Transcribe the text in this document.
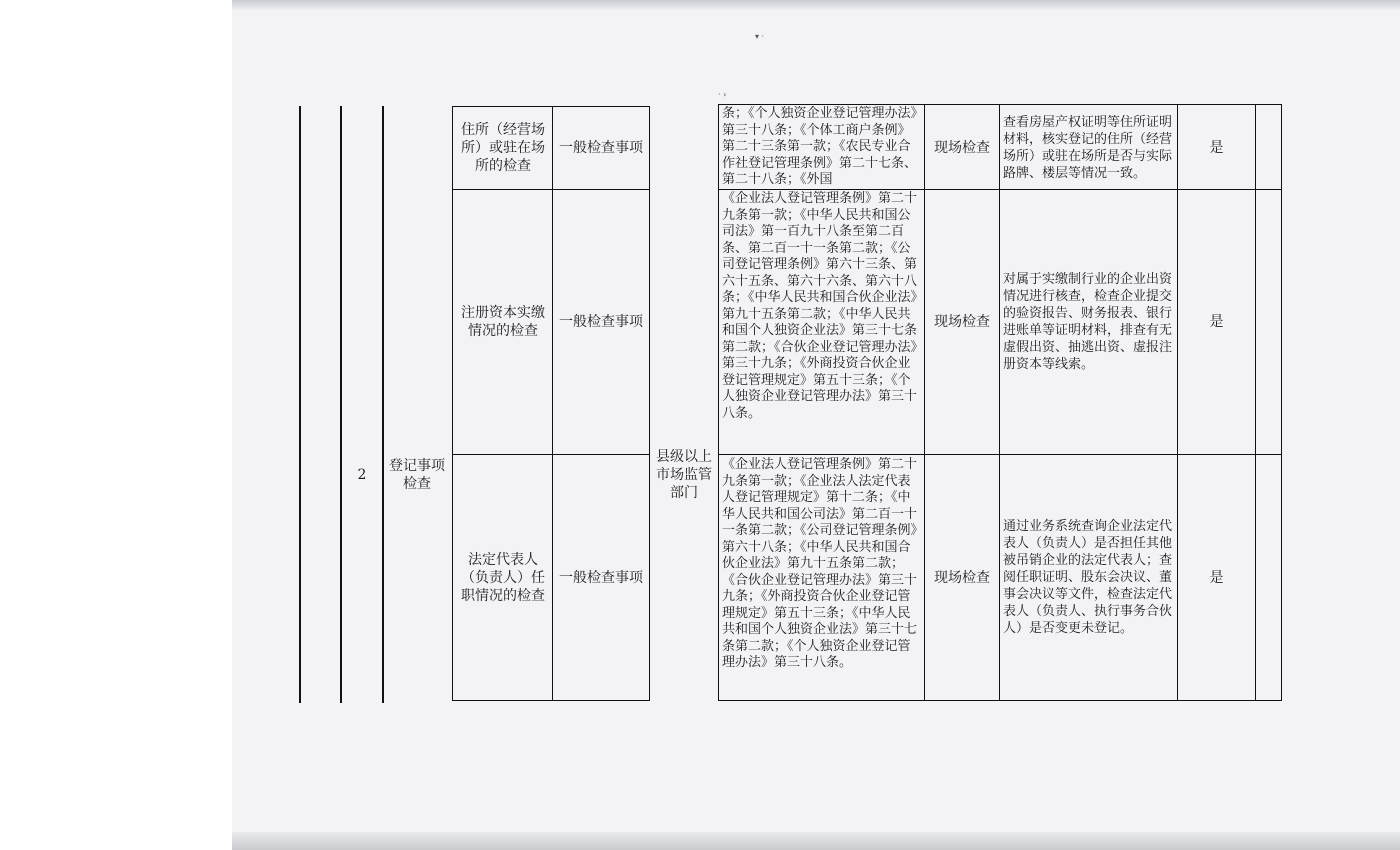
▾ ·
· ›
2
登记事项检查
县级以上市场监管部门
住所（经营场所）或驻在场所的检查
一般检查事项
条；《个人独资企业登记管理办法》第三十八条；《个体工商户条例》第二十三条第一款；《农民专业合作社登记管理条例》第二十七条、第二十八条；《外国
现场检查
查看房屋产权证明等住所证明材料，核实登记的住所（经营场所）或驻在场所是否与实际路牌、楼层等情况一致。
是
注册资本实缴情况的检查
一般检查事项
《企业法人登记管理条例》第二十九条第一款；《中华人民共和国公司法》第一百九十八条至第二百条、第二百一十一条第二款；《公司登记管理条例》第六十三条、第六十五条、第六十六条、第六十八条；《中华人民共和国合伙企业法》第九十五条第二款；《中华人民共和国个人独资企业法》第三十七条第二款；《合伙企业登记管理办法》第三十九条；《外商投资合伙企业登记管理规定》第五十三条；《个人独资企业登记管理办法》第三十八条。
现场检查
对属于实缴制行业的企业出资情况进行核查，检查企业提交的验资报告、财务报表、银行进账单等证明材料，排查有无虚假出资、抽逃出资、虚报注册资本等线索。
是
法定代表人（负责人）任职情况的检查
一般检查事项
《企业法人登记管理条例》第二十九条第一款；《企业法人法定代表人登记管理规定》第十二条；《中华人民共和国公司法》第二百一十一条第二款；《公司登记管理条例》第六十八条；《中华人民共和国合伙企业法》第九十五条第二款；《合伙企业登记管理办法》第三十九条；《外商投资合伙企业登记管理规定》第五十三条；《中华人民共和国个人独资企业法》第三十七条第二款；《个人独资企业登记管理办法》第三十八条。
现场检查
通过业务系统查询企业法定代表人（负责人）是否担任其他被吊销企业的法定代表人；查阅任职证明、股东会决议、董事会决议等文件，检查法定代表人（负责人、执行事务合伙人）是否变更未登记。
是
